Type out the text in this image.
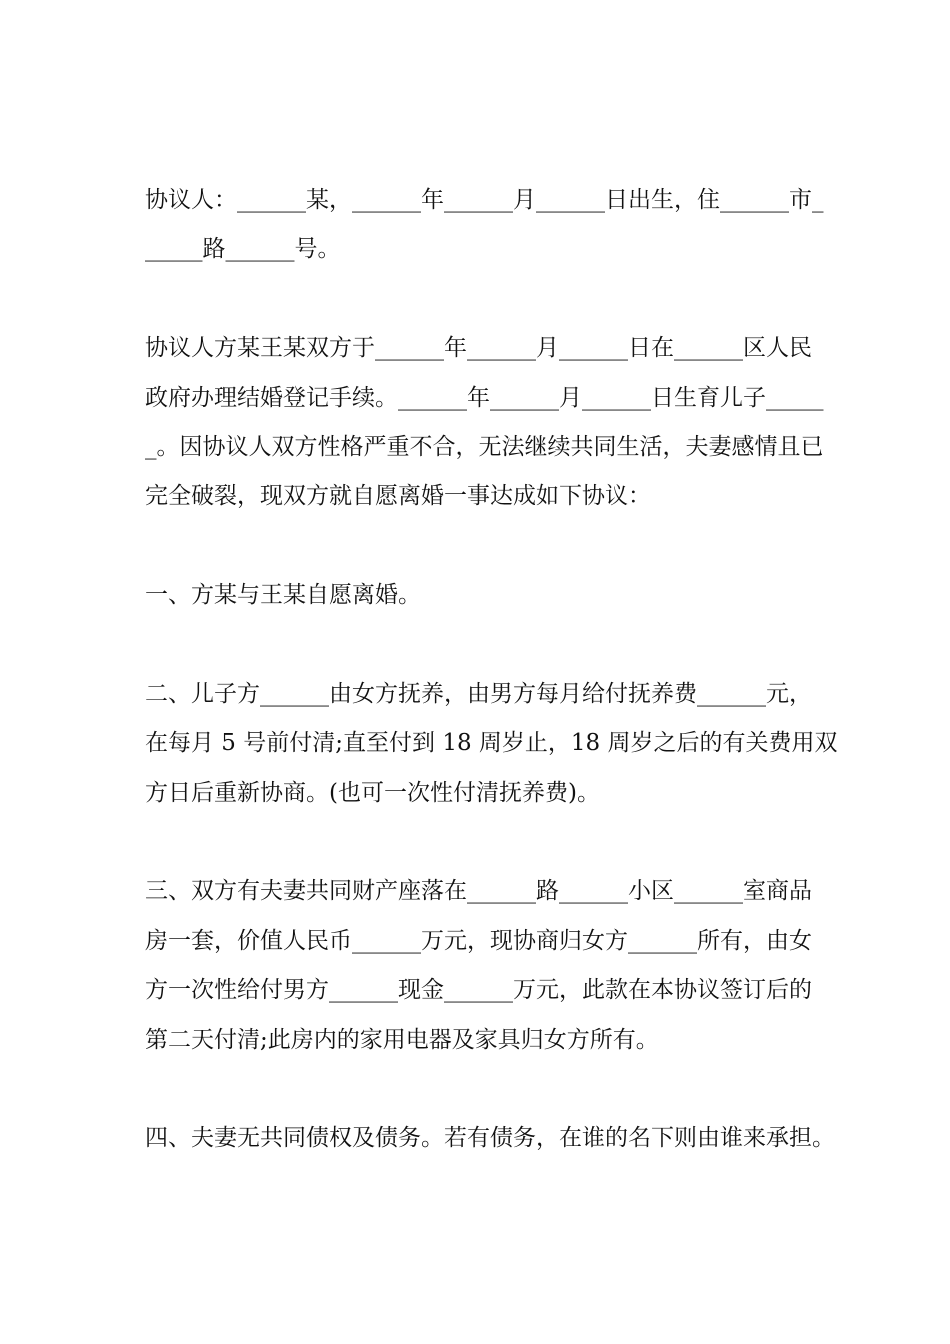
协议人：______某，______年______月______日出生，住______市_
_____路______号。
协议人方某王某双方于______年______月______日在______区人民
政府办理结婚登记手续。______年______月______日生育儿子_____
_。因协议人双方性格严重不合，无法继续共同生活，夫妻感情且已
完全破裂，现双方就自愿离婚一事达成如下协议：
一、方某与王某自愿离婚。
二、儿子方______由女方抚养，由男方每月给付抚养费______元，
在每月 5 号前付清;直至付到 18 周岁止，18 周岁之后的有关费用双
方日后重新协商。(也可一次性付清抚养费)。
三、双方有夫妻共同财产座落在______路______小区______室商品
房一套，价值人民币______万元，现协商归女方______所有，由女
方一次性给付男方______现金______万元，此款在本协议签订后的
第二天付清;此房内的家用电器及家具归女方所有。
四、夫妻无共同债权及债务。若有债务，在谁的名下则由谁来承担。
